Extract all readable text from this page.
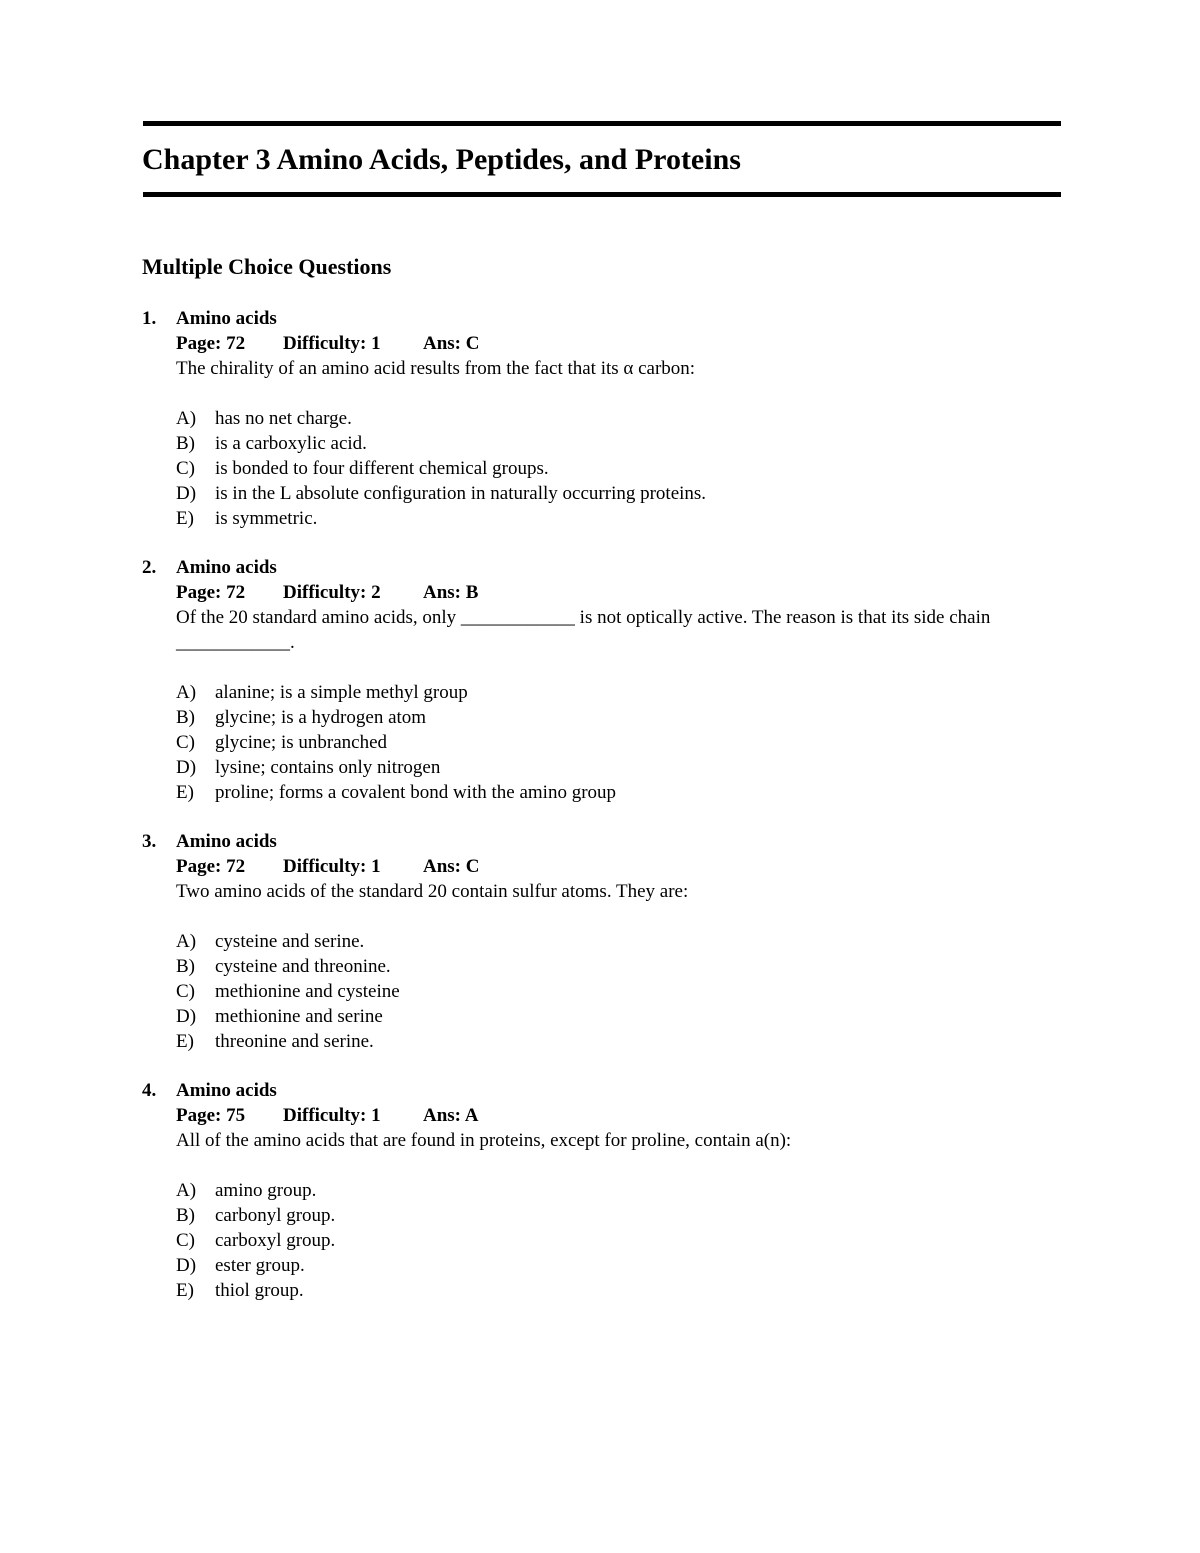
Chapter 3 Amino Acids, Peptides, and Proteins
Multiple Choice Questions
1. Amino acids
Page: 72 Difficulty: 1 Ans: C

The chirality of an amino acid results from the fact that its α carbon:

A) has no net charge.
B) is a carboxylic acid.
C) is bonded to four different chemical groups.
D) is in the L absolute configuration in naturally occurring proteins.
E) is symmetric.
2. Amino acids
Page: 72 Difficulty: 2 Ans: B

Of the 20 standard amino acids, only ____________ is not optically active. The reason is that its side chain ____________.

A) alanine; is a simple methyl group
B) glycine; is a hydrogen atom
C) glycine; is unbranched
D) lysine; contains only nitrogen
E) proline; forms a covalent bond with the amino group
3. Amino acids
Page: 72 Difficulty: 1 Ans: C

Two amino acids of the standard 20 contain sulfur atoms. They are:

A) cysteine and serine.
B) cysteine and threonine.
C) methionine and cysteine
D) methionine and serine
E) threonine and serine.
4. Amino acids
Page: 75 Difficulty: 1 Ans: A

All of the amino acids that are found in proteins, except for proline, contain a(n):

A) amino group.
B) carbonyl group.
C) carboxyl group.
D) ester group.
E) thiol group.
